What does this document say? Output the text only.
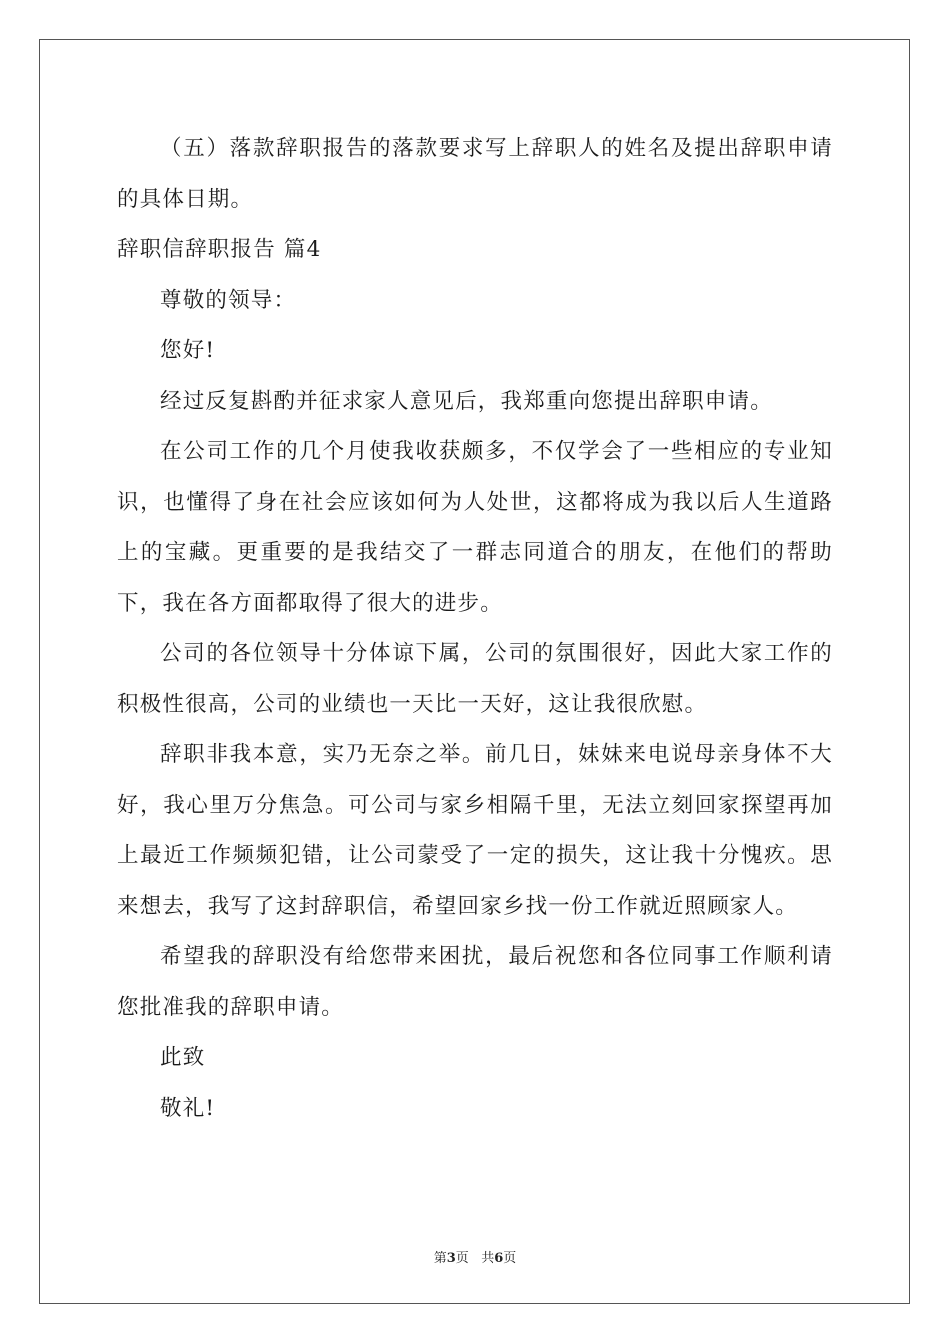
（五）落款辞职报告的落款要求写上辞职人的姓名及提出辞职申请的具体日期。

辞职信辞职报告 篇4

尊敬的领导：

您好!

经过反复斟酌并征求家人意见后，我郑重向您提出辞职申请。

在公司工作的几个月使我收获颇多，不仅学会了一些相应的专业知识，也懂得了身在社会应该如何为人处世，这都将成为我以后人生道路上的宝藏。更重要的是我结交了一群志同道合的朋友，在他们的帮助下，我在各方面都取得了很大的进步。

公司的各位领导十分体谅下属，公司的氛围很好，因此大家工作的积极性很高，公司的业绩也一天比一天好，这让我很欣慰。

辞职非我本意，实乃无奈之举。前几日，妹妹来电说母亲身体不大好，我心里万分焦急。可公司与家乡相隔千里，无法立刻回家探望再加上最近工作频频犯错，让公司蒙受了一定的损失，这让我十分愧疚。思来想去，我写了这封辞职信，希望回家乡找一份工作就近照顾家人。

希望我的辞职没有给您带来困扰，最后祝您和各位同事工作顺利请您批准我的辞职申请。

此致

敬礼!

第3页 共6页
